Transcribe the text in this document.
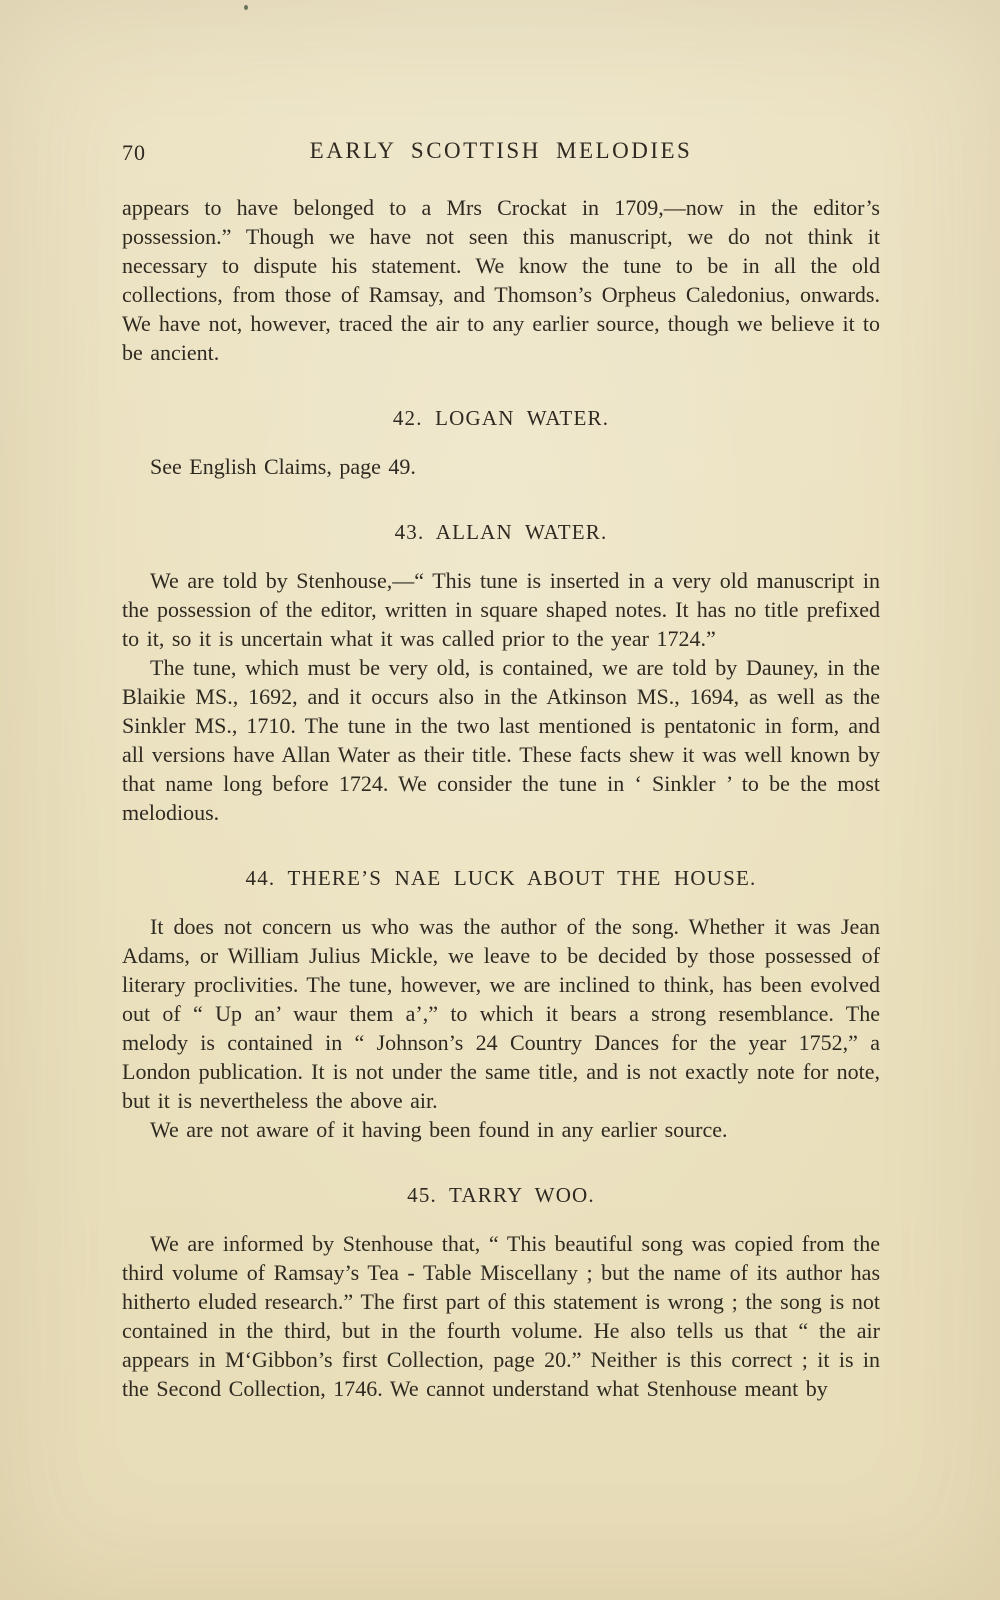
70	EARLY SCOTTISH MELODIES

appears to have belonged to a Mrs Crockat in 1709,—now in the editor’s possession.” Though we have not seen this manuscript, we do not think it necessary to dispute his statement. We know the tune to be in all the old collections, from those of Ramsay, and Thomson’s Orpheus Caledonius, onwards. We have not, however, traced the air to any earlier source, though we believe it to be ancient.

42. LOGAN WATER.

See English Claims, page 49.

43. ALLAN WATER.

We are told by Stenhouse,—“ This tune is inserted in a very old manuscript in the possession of the editor, written in square shaped notes. It has no title prefixed to it, so it is uncertain what it was called prior to the year 1724.”

The tune, which must be very old, is contained, we are told by Dauney, in the Blaikie MS., 1692, and it occurs also in the Atkinson MS., 1694, as well as the Sinkler MS., 1710. The tune in the two last mentioned is pentatonic in form, and all versions have Allan Water as their title. These facts shew it was well known by that name long before 1724. We consider the tune in ‘ Sinkler ’ to be the most melodious.

44. THERE’S NAE LUCK ABOUT THE HOUSE.

It does not concern us who was the author of the song. Whether it was Jean Adams, or William Julius Mickle, we leave to be decided by those possessed of literary proclivities. The tune, however, we are inclined to think, has been evolved out of “ Up an’ waur them a’,” to which it bears a strong resemblance. The melody is contained in “ Johnson’s 24 Country Dances for the year 1752,” a London publication. It is not under the same title, and is not exactly note for note, but it is nevertheless the above air.

We are not aware of it having been found in any earlier source.

45. TARRY WOO.

We are informed by Stenhouse that, “ This beautiful song was copied from the third volume of Ramsay’s Tea - Table Miscellany ; but the name of its author has hitherto eluded research.” The first part of this statement is wrong ; the song is not contained in the third, but in the fourth volume. He also tells us that “ the air appears in M‘Gibbon’s first Collection, page 20.” Neither is this correct ; it is in the Second Collection, 1746. We cannot understand what Stenhouse meant by
